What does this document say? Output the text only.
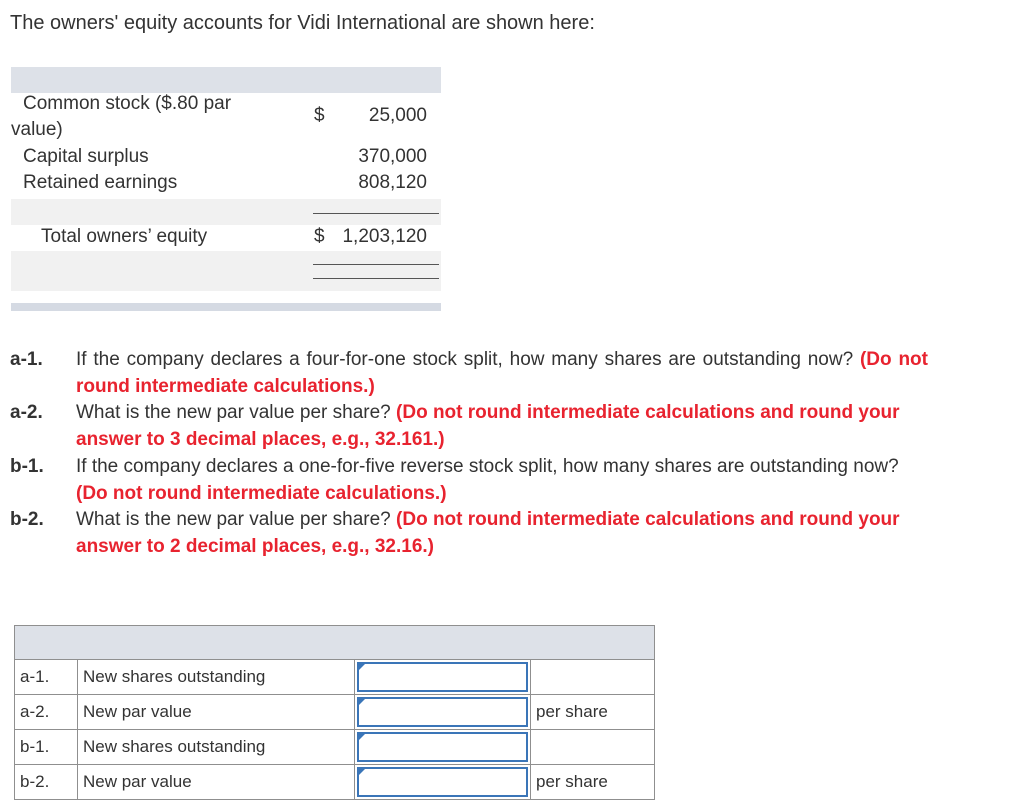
The owners' equity accounts for Vidi International are shown here:
Common stock ($.80 par
value)
$	25,000
Capital surplus	370,000
Retained earnings	808,120
Total owners’ equity	$ 1,203,120
a-1. If the company declares a four-for-one stock split, how many shares are outstanding now? (Do not round intermediate calculations.)
a-2. What is the new par value per share? (Do not round intermediate calculations and round your answer to 3 decimal places, e.g., 32.161.)
b-1. If the company declares a one-for-five reverse stock split, how many shares are outstanding now? (Do not round intermediate calculations.)
b-2. What is the new par value per share? (Do not round intermediate calculations and round your answer to 2 decimal places, e.g., 32.16.)

a-1.	New shares outstanding	

a-2.	New par value		per share
b-1.	New shares outstanding	

b-2.	New par value		per share
